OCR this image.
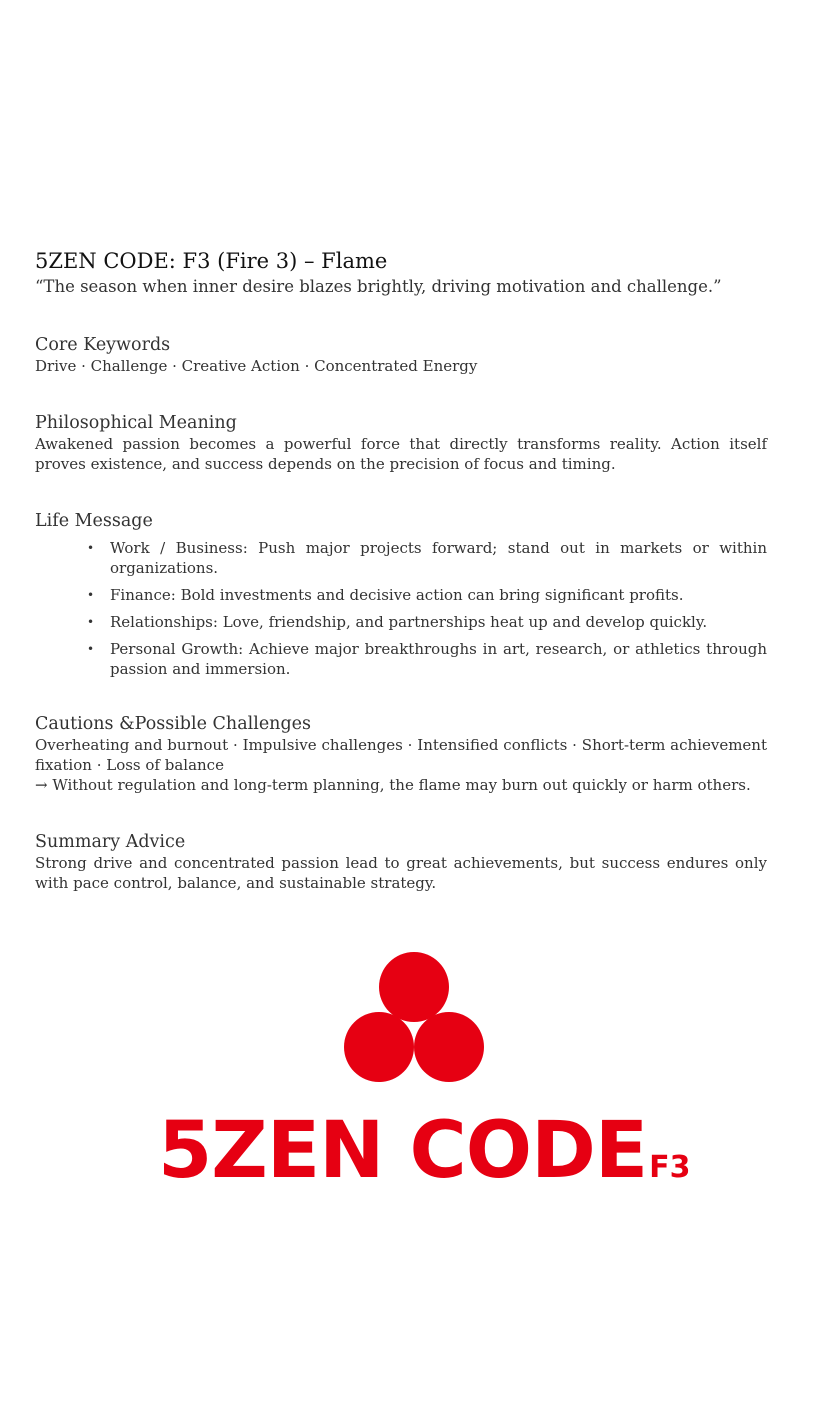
5ZEN CODE: F3 (Fire 3) – Flame

“The season when inner desire blazes brightly, driving motivation and challenge.”

Core Keywords

Drive · Challenge · Creative Action · Concentrated Energy

Philosophical Meaning

Awakened passion becomes a powerful force that directly transforms reality. Action itself proves existence, and success depends on the precision of focus and timing.

Life Message
• Work / Business: Push major projects forward; stand out in markets or within organizations.
• Finance: Bold investments and decisive action can bring significant profits.
• Relationships: Love, friendship, and partnerships heat up and develop quickly.
• Personal Growth: Achieve major breakthroughs in art, research, or athletics through passion and immersion.
Cautions &Possible Challenges

Overheating and burnout · Impulsive challenges · Intensified conflicts · Short-term achievement fixation · Loss of balance

→ Without regulation and long-term planning, the flame may burn out quickly or harm others.

Summary Advice

Strong drive and concentrated passion lead to great achievements, but success endures only with pace control, balance, and sustainable strategy.

5ZEN CODEF3
